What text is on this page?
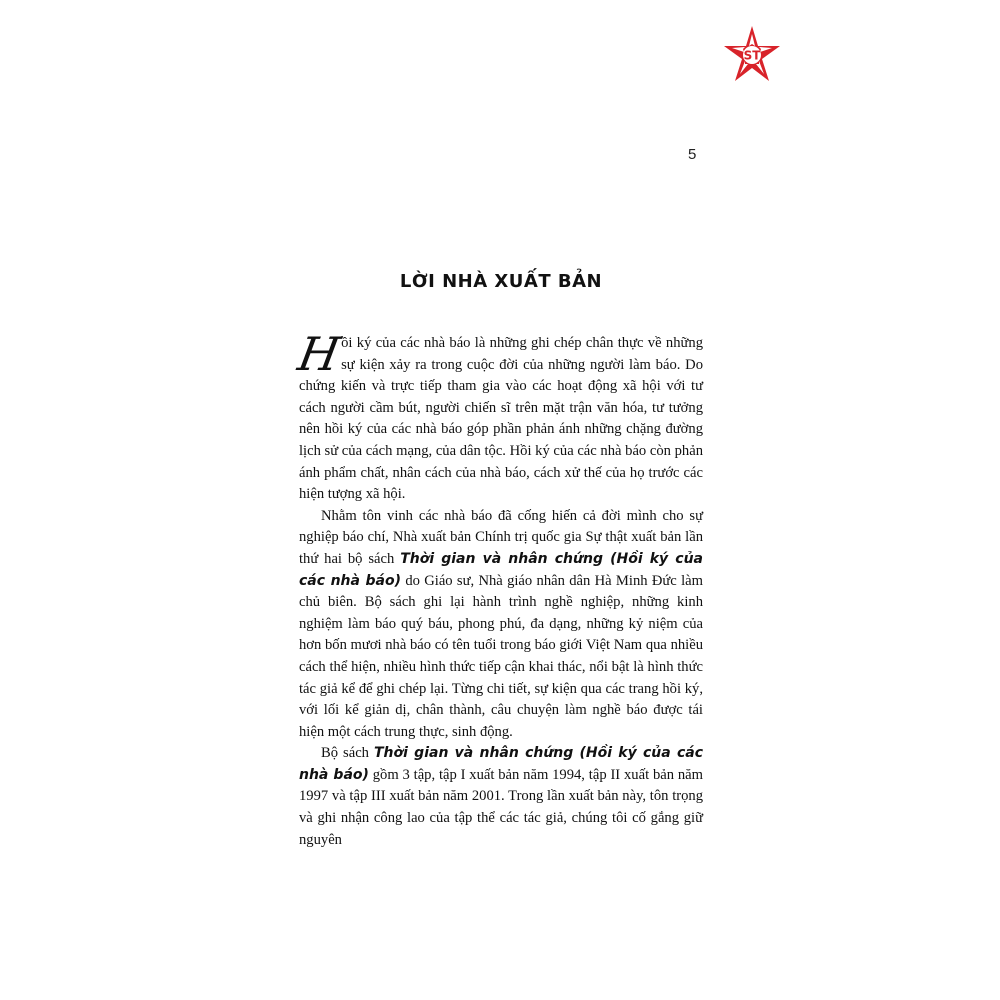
ST
5
LỜI NHÀ XUẤT BẢN

H
ồi ký của các nhà báo là những ghi chép chân thực về những sự kiện xảy ra trong cuộc đời của những người làm báo. Do chứng kiến và trực tiếp tham gia vào các hoạt động xã hội với tư cách người cầm bút, người chiến sĩ trên mặt trận văn hóa, tư tưởng nên hồi ký của các nhà báo góp phần phản ánh những chặng đường lịch sử của cách mạng, của dân tộc. Hồi ký của các nhà báo còn phản ánh phẩm chất, nhân cách của nhà báo, cách xử thế của họ trước các hiện tượng xã hội.

Nhằm tôn vinh các nhà báo đã cống hiến cả đời mình cho sự nghiệp báo chí, Nhà xuất bản Chính trị quốc gia Sự thật xuất bản lần thứ hai bộ sách Thời gian và nhân chứng (Hồi ký của các nhà báo) do Giáo sư, Nhà giáo nhân dân Hà Minh Đức làm chủ biên. Bộ sách ghi lại hành trình nghề nghiệp, những kinh nghiệm làm báo quý báu, phong phú, đa dạng, những kỷ niệm của hơn bốn mươi nhà báo có tên tuổi trong báo giới Việt Nam qua nhiều cách thể hiện, nhiều hình thức tiếp cận khai thác, nổi bật là hình thức tác giả kể để ghi chép lại. Từng chi tiết, sự kiện qua các trang hồi ký, với lối kể giản dị, chân thành, câu chuyện làm nghề báo được tái hiện một cách trung thực, sinh động.

Bộ sách Thời gian và nhân chứng (Hồi ký của các nhà báo) gồm 3 tập, tập I xuất bản năm 1994, tập II xuất bản năm 1997 và tập III xuất bản năm 2001. Trong lần xuất bản này, tôn trọng và ghi nhận công lao của tập thể các tác giả, chúng tôi cố gắng giữ nguyên
